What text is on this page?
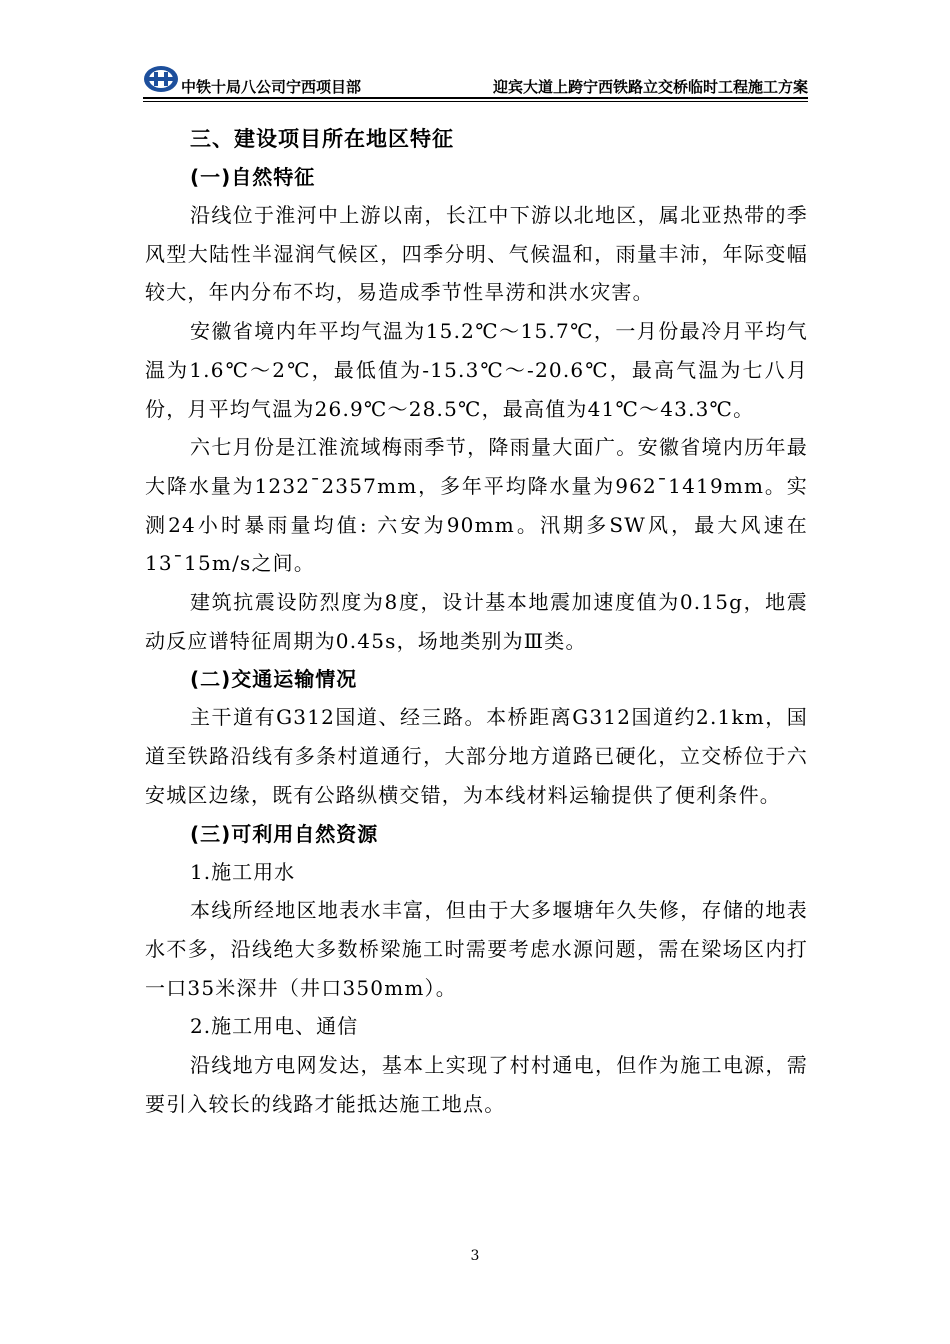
中铁十局八公司宁西项目部	迎宾大道上跨宁西铁路立交桥临时工程施工方案
三、建设项目所在地区特征
(一)自然特征

沿线位于淮河中上游以南，长江中下游以北地区，属北亚热带的季风型大陆性半湿润气候区，四季分明、气候温和，雨量丰沛，年际变幅较大，年内分布不均，易造成季节性旱涝和洪水灾害。

安徽省境内年平均气温为15.2℃～15.7℃，一月份最冷月平均气温为1.6℃～2℃，最低值为-15.3℃～-20.6℃，最高气温为七八月份，月平均气温为26.9℃～28.5℃，最高值为41℃～43.3℃。

六七月份是江淮流域梅雨季节，降雨量大面广。安徽省境内历年最大降水量为1232¯2357mm，多年平均降水量为962¯1419mm。实测24小时暴雨量均值: 六安为90mm。汛期多SW风，最大风速在13¯15m/s之间。

建筑抗震设防烈度为8度，设计基本地震加速度值为0.15g，地震动反应谱特征周期为0.45s，场地类别为Ⅲ类。

(二)交通运输情况

主干道有G312国道、经三路。本桥距离G312国道约2.1km，国道至铁路沿线有多条村道通行，大部分地方道路已硬化，立交桥位于六安城区边缘，既有公路纵横交错，为本线材料运输提供了便利条件。

(三)可利用自然资源
1.施工用水

本线所经地区地表水丰富，但由于大多堰塘年久失修，存储的地表水不多，沿线绝大多数桥梁施工时需要考虑水源问题，需在梁场区内打一口35米深井（井口350mm）。

2.施工用电、通信

沿线地方电网发达，基本上实现了村村通电，但作为施工电源，需要引入较长的线路才能抵达施工地点。

3
